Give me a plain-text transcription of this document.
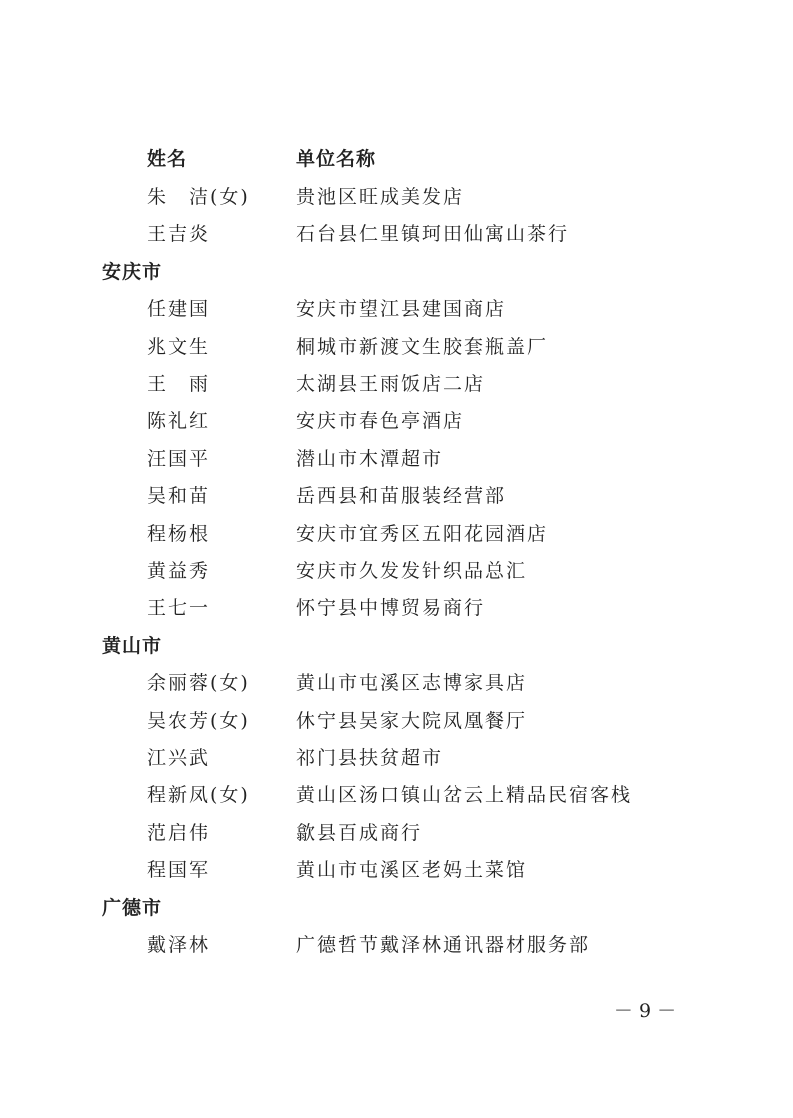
姓名	单位名称
朱　洁(女) 贵池区旺成美发店
王吉炎	石台县仁里镇珂田仙寓山茶行
安庆市
任建国	安庆市望江县建国商店
兆文生	桐城市新渡文生胶套瓶盖厂
王　雨	太湖县王雨饭店二店
陈礼红	安庆市春色亭酒店
汪国平	潜山市木潭超市
吴和苗	岳西县和苗服装经营部
程杨根	安庆市宜秀区五阳花园酒店
黄益秀	安庆市久发发针织品总汇
王七一	怀宁县中博贸易商行
黄山市
余丽蓉(女) 黄山市屯溪区志博家具店
吴农芳(女) 休宁县吴家大院凤凰餐厅
江兴武	祁门县扶贫超市
程新凤(女) 黄山区汤口镇山岔云上精品民宿客栈
范启伟	歙县百成商行
程国军	黄山市屯溪区老妈土菜馆
广德市
戴泽林	广德哲节戴泽林通讯器材服务部
－ 9 －
